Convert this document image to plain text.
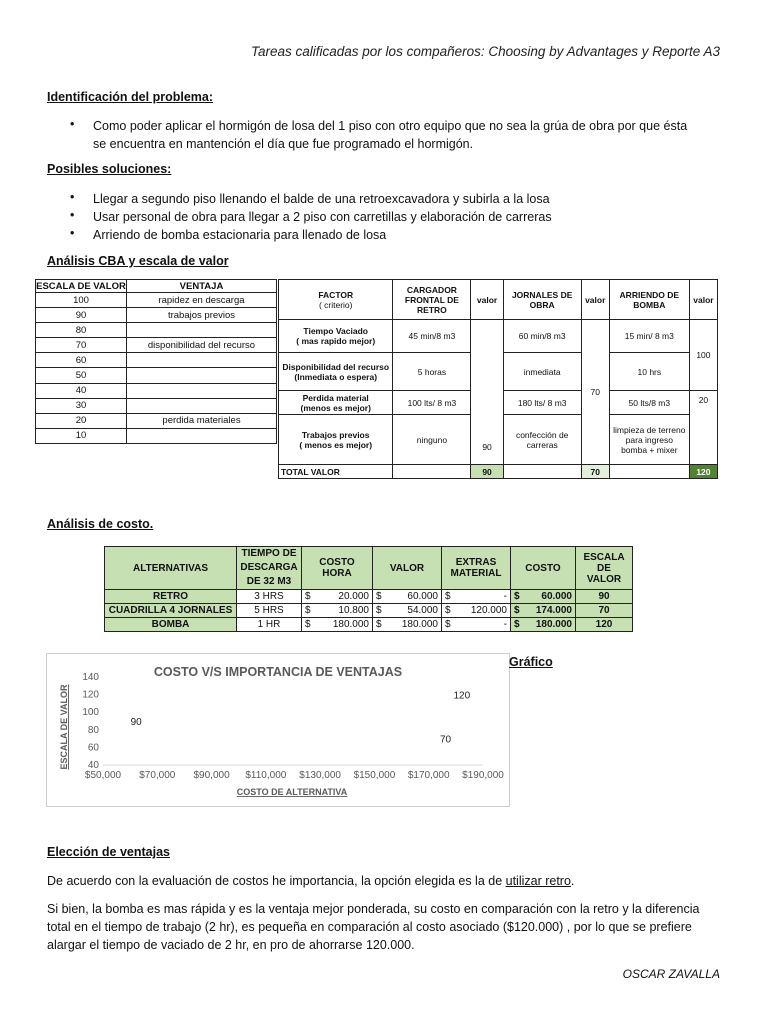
Tareas calificadas por los compañeros: Choosing by Advantages y Reporte A3
Identificación del problema:
• Como poder aplicar el hormigón de losa del 1 piso con otro equipo que no sea la grúa de obra por que ésta
se encuentra en mantención el día que fue programado el hormigón.
Posibles soluciones:
• Llegar a segundo piso llenando el balde de una retroexcavadora y subirla a la losa
• Usar personal de obra para llegar a 2 piso con carretillas y elaboración de carreras
• Arriendo de bomba estacionaria para llenado de losa
Análisis CBA y escala de valor
ESCALA DE VALOR	VENTAJA
100	rapidez en descarga
90	trabajos previos
80	
70	disponibilidad del recurso
60	
50	
40	
30	
20	perdida materiales
10	
FACTOR
( criterio)	CARGADOR FRONTAL DE RETRO	valor	JORNALES DE OBRA	valor	ARRIENDO DE BOMBA	valor

Tiempo Vaciado
( mas rapido mejor)	45 min/8 m3	90	60 min/8 m3	70	15 min/ 8 m3	100

Disponibilidad del recurso
(Inmediata o espera)	5 horas		inmediata		10 hrs	

Perdida material
(menos es mejor)	100 lts/ 8 m3		180 lts/ 8 m3		50 lts/8 m3	20

Trabajos previos
( menos es mejor)	ninguno		confección de carreras		limpieza de terreno para ingreso bomba + mixer	
TOTAL VALOR		90		70		120
Análisis de costo.
ALTERNATIVAS	TIEMPO DE DESCARGA DE 32 M3	COSTO HORA	VALOR	EXTRAS MATERIAL	COSTO	ESCALA DE VALOR
RETRO	3 HRS	$ 20.000	$ 60.000	$ -	$ 60.000	90
CUADRILLA 4 JORNALES	5 HRS	$ 10.800	$ 54.000	$ 120.000	$ 174.000	70
BOMBA	1 HR	$ 180.000	$ 180.000	$ -	$ 180.000	120
COSTO V/S IMPORTANCIA DE VENTAJAS
COSTO DE ALTERNATIVA
ESCALA DE VALOR
140
120
100
80
60
40
$50,000 $70,000 $90,000 $110,000 $130,000 $150,000 $170,000 $190,000
90
70
120
Gráfico
Elección de ventajas
De acuerdo con la evaluación de costos he importancia, la opción elegida es la de utilizar retro.
Si bien, la bomba es mas rápida y es la ventaja mejor ponderada, su costo en comparación con la retro y la diferencia
total en el tiempo de trabajo (2 hr), es pequeña en comparación al costo asociado ($120.000) , por lo que se prefiere
alargar el tiempo de vaciado de 2 hr, en pro de ahorrarse 120.000.
OSCAR ZAVALLA
